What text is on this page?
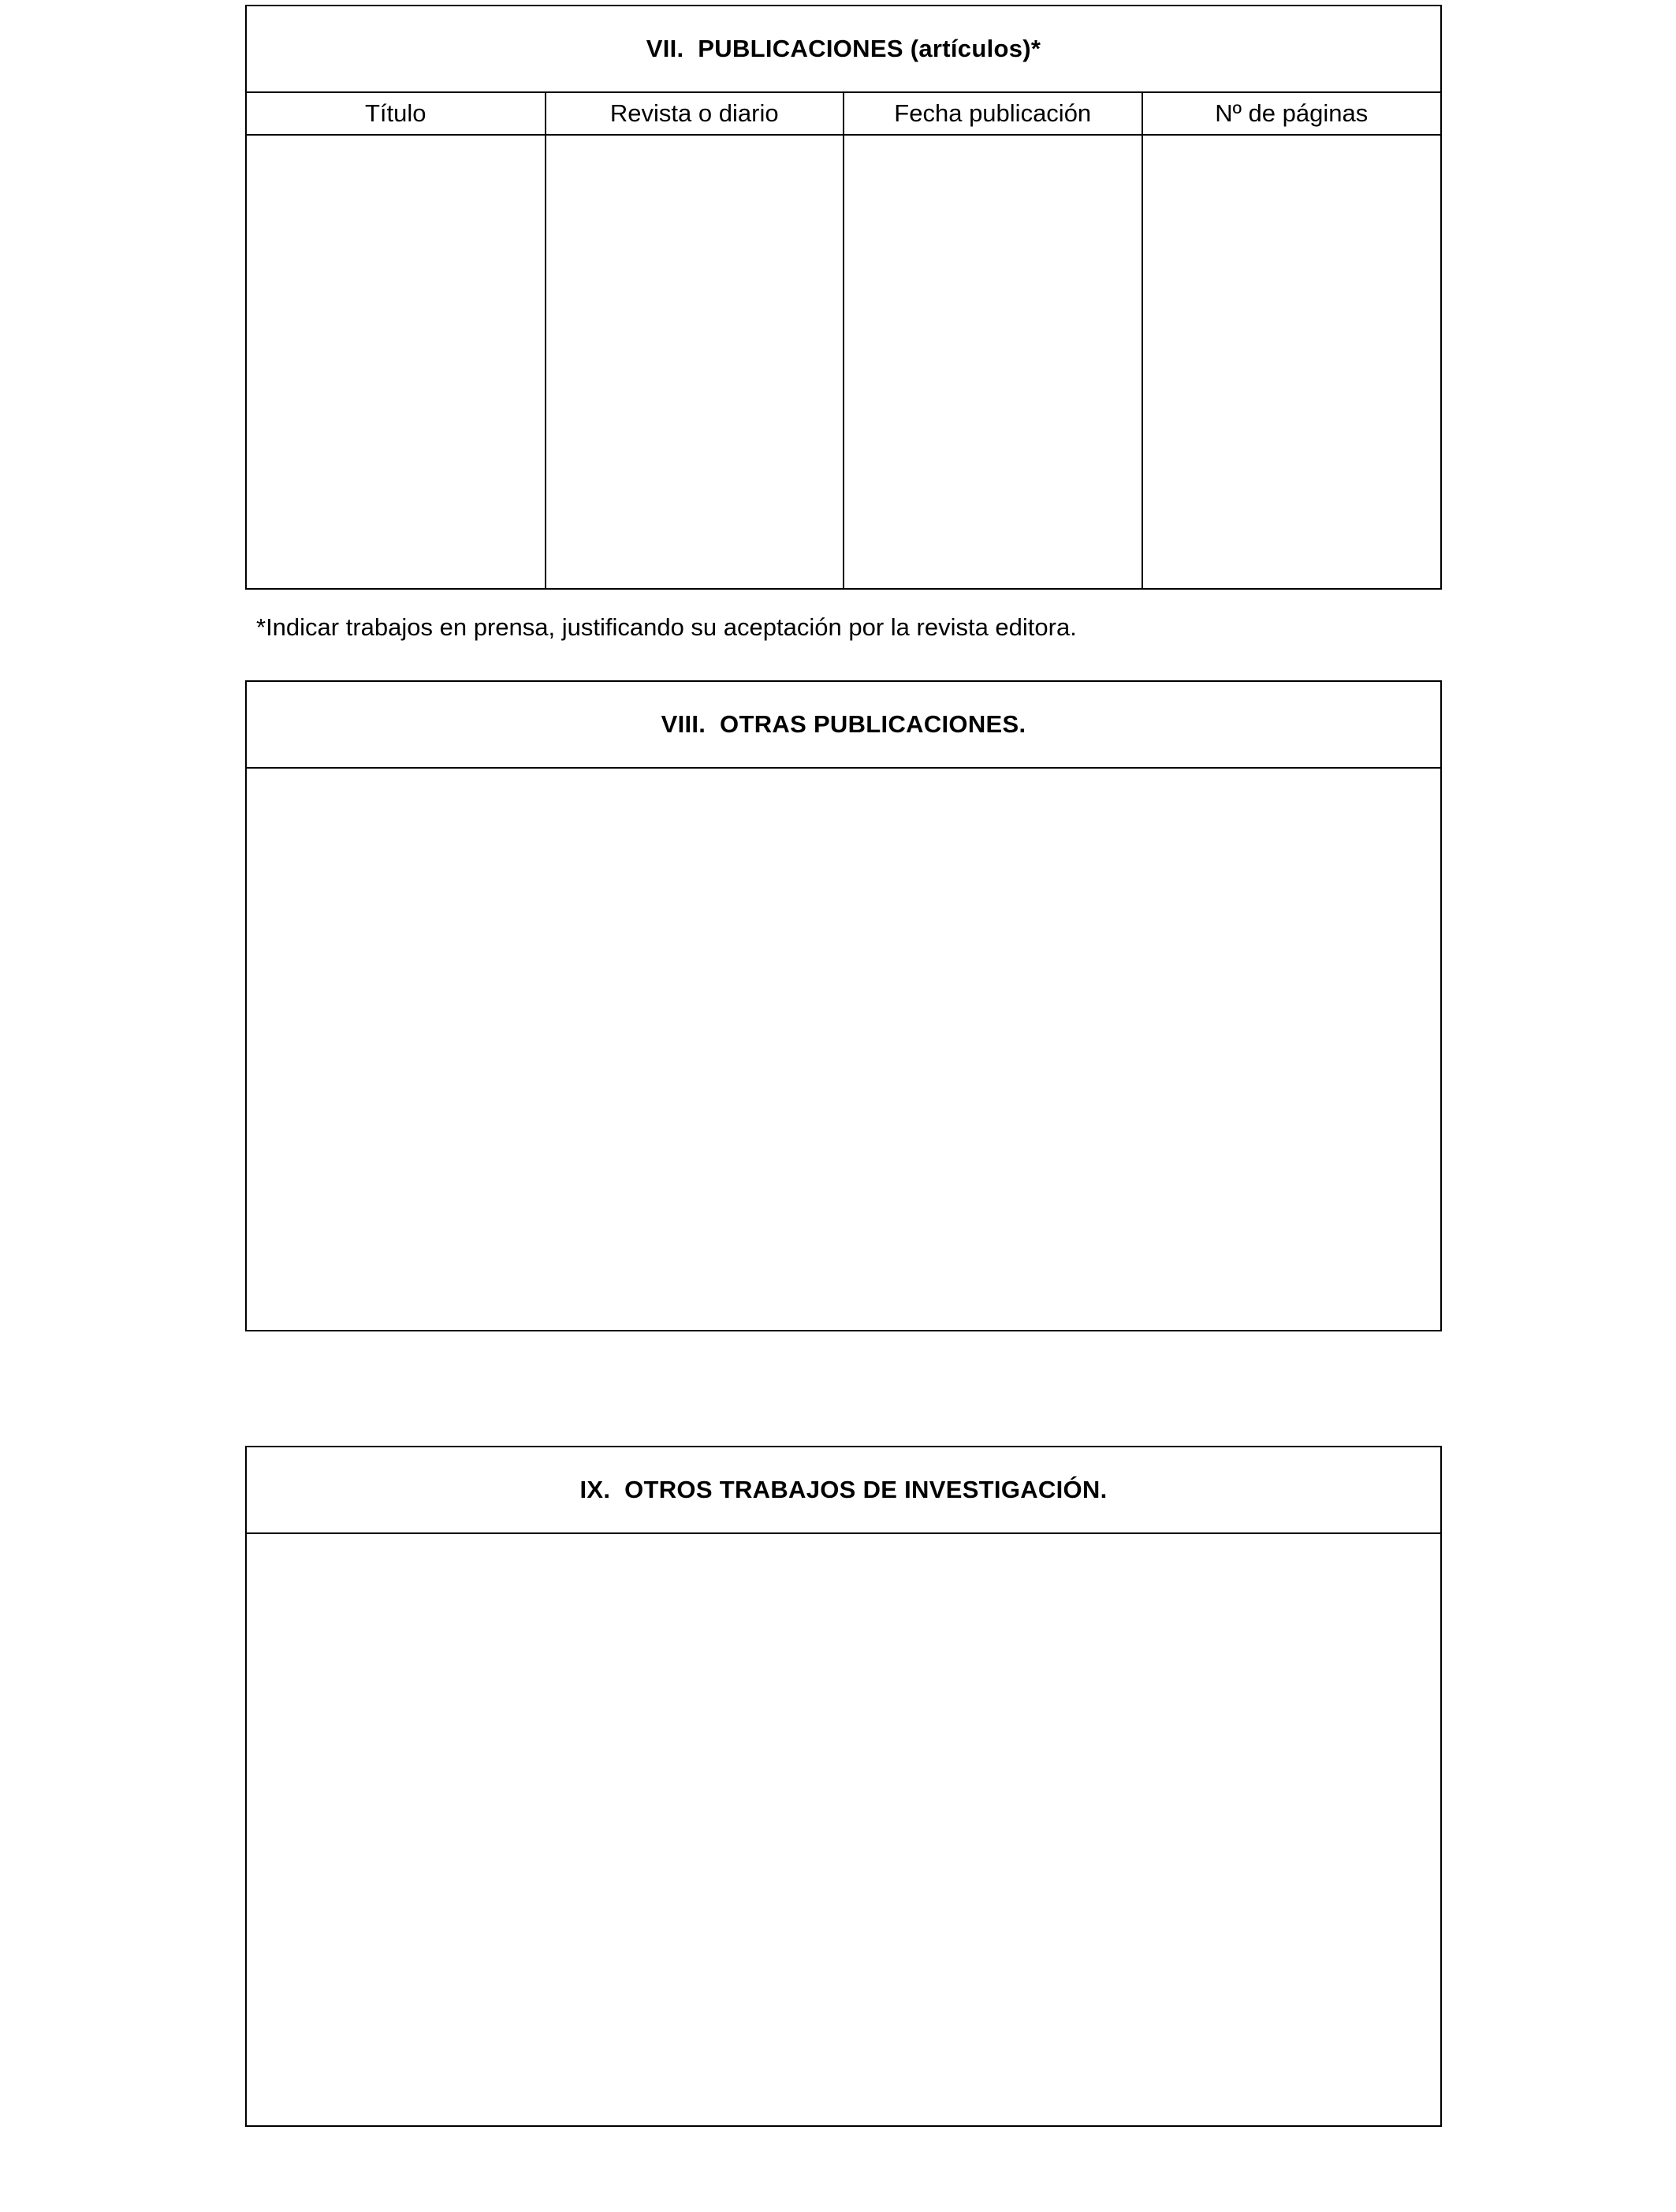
VII.  PUBLICACIONES (artículos)*
Título	Revista o diario	Fecha publicación	Nº de páginas

*Indicar trabajos en prensa, justificando su aceptación por la revista editora.
VIII.  OTRAS PUBLICACIONES.
IX.  OTROS TRABAJOS DE INVESTIGACIÓN.
